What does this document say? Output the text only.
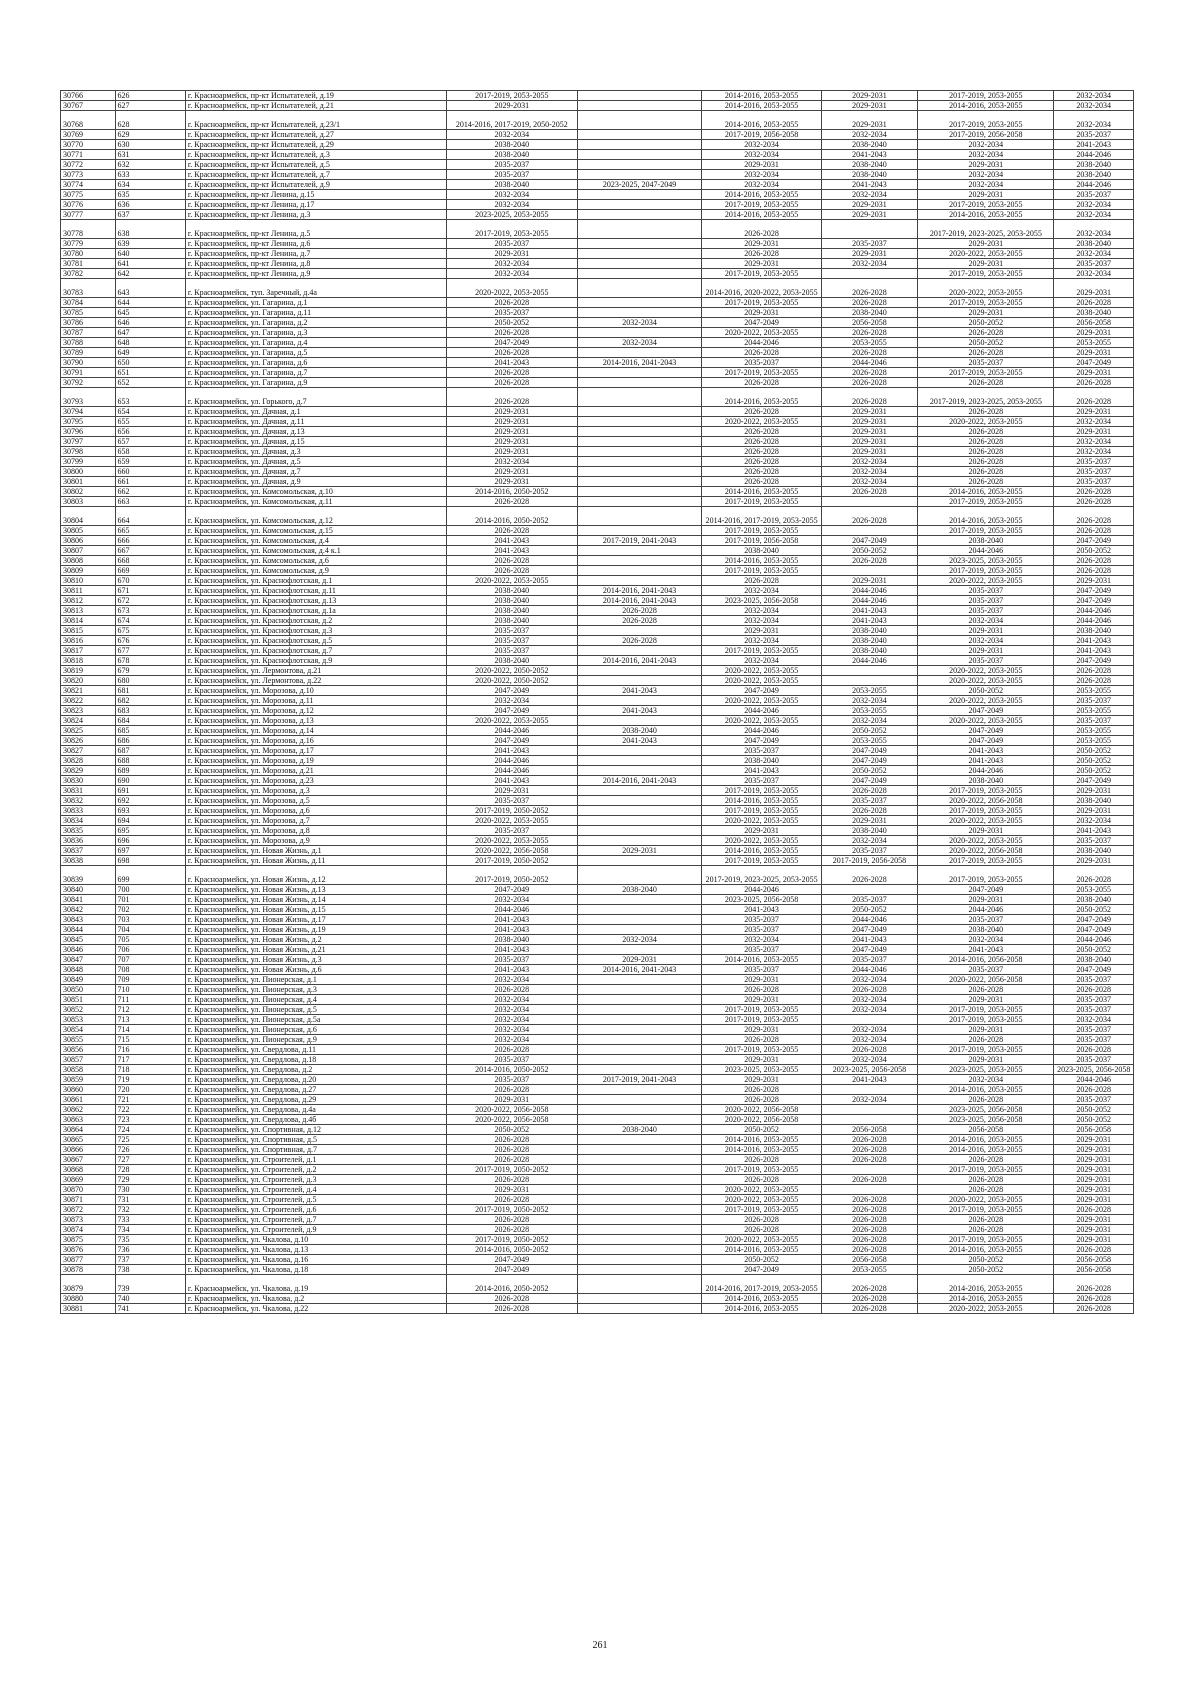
30766	626	г. Красноармейск, пр-кт Испытателей, д.19	2017-2019, 2053-2055		2014-2016, 2053-2055	2029-2031	2017-2019, 2053-2055	2032-2034
30767	627	г. Красноармейск, пр-кт Испытателей, д.21	2029-2031		2014-2016, 2053-2055	2029-2031	2014-2016, 2053-2055	2032-2034
30768	628	г. Красноармейск, пр-кт Испытателей, д.23/1	2014-2016, 2017-2019, 2050-2052		2014-2016, 2053-2055	2029-2031	2017-2019, 2053-2055	2032-2034
30769	629	г. Красноармейск, пр-кт Испытателей, д.27	2032-2034		2017-2019, 2056-2058	2032-2034	2017-2019, 2056-2058	2035-2037
30770	630	г. Красноармейск, пр-кт Испытателей, д.29	2038-2040		2032-2034	2038-2040	2032-2034	2041-2043
30771	631	г. Красноармейск, пр-кт Испытателей, д.3	2038-2040		2032-2034	2041-2043	2032-2034	2044-2046
30772	632	г. Красноармейск, пр-кт Испытателей, д.5	2035-2037		2029-2031	2038-2040	2029-2031	2038-2040
30773	633	г. Красноармейск, пр-кт Испытателей, д.7	2035-2037		2032-2034	2038-2040	2032-2034	2038-2040
30774	634	г. Красноармейск, пр-кт Испытателей, д.9	2038-2040	2023-2025, 2047-2049	2032-2034	2041-2043	2032-2034	2044-2046
30775	635	г. Красноармейск, пр-кт Ленина, д.15	2032-2034		2014-2016, 2053-2055	2032-2034	2029-2031	2035-2037
30776	636	г. Красноармейск, пр-кт Ленина, д.17	2032-2034		2017-2019, 2053-2055	2029-2031	2017-2019, 2053-2055	2032-2034
30777	637	г. Красноармейск, пр-кт Ленина, д.3	2023-2025, 2053-2055		2014-2016, 2053-2055	2029-2031	2014-2016, 2053-2055	2032-2034
30778	638	г. Красноармейск, пр-кт Ленина, д.5	2017-2019, 2053-2055		2026-2028		2017-2019, 2023-2025, 2053-2055	2032-2034
30779	639	г. Красноармейск, пр-кт Ленина, д.6	2035-2037		2029-2031	2035-2037	2029-2031	2038-2040
30780	640	г. Красноармейск, пр-кт Ленина, д.7	2029-2031		2026-2028	2029-2031	2020-2022, 2053-2055	2032-2034
30781	641	г. Красноармейск, пр-кт Ленина, д.8	2032-2034		2029-2031	2032-2034	2029-2031	2035-2037
30782	642	г. Красноармейск, пр-кт Ленина, д.9	2032-2034		2017-2019, 2053-2055		2017-2019, 2053-2055	2032-2034
30783	643	г. Красноармейск, туп. Заречный, д.4а	2020-2022, 2053-2055		2014-2016, 2020-2022, 2053-2055	2026-2028	2020-2022, 2053-2055	2029-2031
30784	644	г. Красноармейск, ул. Гагарина, д.1	2026-2028		2017-2019, 2053-2055	2026-2028	2017-2019, 2053-2055	2026-2028
30785	645	г. Красноармейск, ул. Гагарина, д.11	2035-2037		2029-2031	2038-2040	2029-2031	2038-2040
30786	646	г. Красноармейск, ул. Гагарина, д.2	2050-2052	2032-2034	2047-2049	2056-2058	2050-2052	2056-2058
30787	647	г. Красноармейск, ул. Гагарина, д.3	2026-2028		2020-2022, 2053-2055	2026-2028	2026-2028	2029-2031
30788	648	г. Красноармейск, ул. Гагарина, д.4	2047-2049	2032-2034	2044-2046	2053-2055	2050-2052	2053-2055
30789	649	г. Красноармейск, ул. Гагарина, д.5	2026-2028		2026-2028	2026-2028	2026-2028	2029-2031
30790	650	г. Красноармейск, ул. Гагарина, д.6	2041-2043	2014-2016, 2041-2043	2035-2037	2044-2046	2035-2037	2047-2049
30791	651	г. Красноармейск, ул. Гагарина, д.7	2026-2028		2017-2019, 2053-2055	2026-2028	2017-2019, 2053-2055	2029-2031
30792	652	г. Красноармейск, ул. Гагарина, д.9	2026-2028		2026-2028	2026-2028	2026-2028	2026-2028
30793	653	г. Красноармейск, ул. Горького, д.7	2026-2028		2014-2016, 2053-2055	2026-2028	2017-2019, 2023-2025, 2053-2055	2026-2028
30794	654	г. Красноармейск, ул. Дачная, д.1	2029-2031		2026-2028	2029-2031	2026-2028	2029-2031
30795	655	г. Красноармейск, ул. Дачная, д.11	2029-2031		2020-2022, 2053-2055	2029-2031	2020-2022, 2053-2055	2032-2034
30796	656	г. Красноармейск, ул. Дачная, д.13	2029-2031		2026-2028	2029-2031	2026-2028	2029-2031
30797	657	г. Красноармейск, ул. Дачная, д.15	2029-2031		2026-2028	2029-2031	2026-2028	2032-2034
30798	658	г. Красноармейск, ул. Дачная, д.3	2029-2031		2026-2028	2029-2031	2026-2028	2032-2034
30799	659	г. Красноармейск, ул. Дачная, д.5	2032-2034		2026-2028	2032-2034	2026-2028	2035-2037
30800	660	г. Красноармейск, ул. Дачная, д.7	2029-2031		2026-2028	2032-2034	2026-2028	2035-2037
30801	661	г. Красноармейск, ул. Дачная, д.9	2029-2031		2026-2028	2032-2034	2026-2028	2035-2037
30802	662	г. Красноармейск, ул. Комсомольская, д.10	2014-2016, 2050-2052		2014-2016, 2053-2055	2026-2028	2014-2016, 2053-2055	2026-2028
30803	663	г. Красноармейск, ул. Комсомольская, д.11	2026-2028		2017-2019, 2053-2055		2017-2019, 2053-2055	2026-2028
30804	664	г. Красноармейск, ул. Комсомольская, д.12	2014-2016, 2050-2052		2014-2016, 2017-2019, 2053-2055	2026-2028	2014-2016, 2053-2055	2026-2028
30805	665	г. Красноармейск, ул. Комсомольская, д.15	2026-2028		2017-2019, 2053-2055		2017-2019, 2053-2055	2026-2028
30806	666	г. Красноармейск, ул. Комсомольская, д.4	2041-2043	2017-2019, 2041-2043	2017-2019, 2056-2058	2047-2049	2038-2040	2047-2049
30807	667	г. Красноармейск, ул. Комсомольская, д.4 к.1	2041-2043		2038-2040	2050-2052	2044-2046	2050-2052
30808	668	г. Красноармейск, ул. Комсомольская, д.6	2026-2028		2014-2016, 2053-2055	2026-2028	2023-2025, 2053-2055	2026-2028
30809	669	г. Красноармейск, ул. Комсомольская, д.9	2026-2028		2017-2019, 2053-2055		2017-2019, 2053-2055	2026-2028
30810	670	г. Красноармейск, ул. Краснофлотская, д.1	2020-2022, 2053-2055		2026-2028	2029-2031	2020-2022, 2053-2055	2029-2031
30811	671	г. Красноармейск, ул. Краснофлотская, д.11	2038-2040	2014-2016, 2041-2043	2032-2034	2044-2046	2035-2037	2047-2049
30812	672	г. Красноармейск, ул. Краснофлотская, д.13	2038-2040	2014-2016, 2041-2043	2023-2025, 2056-2058	2044-2046	2035-2037	2047-2049
30813	673	г. Красноармейск, ул. Краснофлотская, д.1а	2038-2040	2026-2028	2032-2034	2041-2043	2035-2037	2044-2046
30814	674	г. Красноармейск, ул. Краснофлотская, д.2	2038-2040	2026-2028	2032-2034	2041-2043	2032-2034	2044-2046
30815	675	г. Красноармейск, ул. Краснофлотская, д.3	2035-2037		2029-2031	2038-2040	2029-2031	2038-2040
30816	676	г. Красноармейск, ул. Краснофлотская, д.5	2035-2037	2026-2028	2032-2034	2038-2040	2032-2034	2041-2043
30817	677	г. Красноармейск, ул. Краснофлотская, д.7	2035-2037		2017-2019, 2053-2055	2038-2040	2029-2031	2041-2043
30818	678	г. Красноармейск, ул. Краснофлотская, д.9	2038-2040	2014-2016, 2041-2043	2032-2034	2044-2046	2035-2037	2047-2049
30819	679	г. Красноармейск, ул. Лермонтова, д.21	2020-2022, 2050-2052		2020-2022, 2053-2055		2020-2022, 2053-2055	2026-2028
30820	680	г. Красноармейск, ул. Лермонтова, д.22	2020-2022, 2050-2052		2020-2022, 2053-2055		2020-2022, 2053-2055	2026-2028
30821	681	г. Красноармейск, ул. Морозова, д.10	2047-2049	2041-2043	2047-2049	2053-2055	2050-2052	2053-2055
30822	682	г. Красноармейск, ул. Морозова, д.11	2032-2034		2020-2022, 2053-2055	2032-2034	2020-2022, 2053-2055	2035-2037
30823	683	г. Красноармейск, ул. Морозова, д.12	2047-2049	2041-2043	2044-2046	2053-2055	2047-2049	2053-2055
30824	684	г. Красноармейск, ул. Морозова, д.13	2020-2022, 2053-2055		2020-2022, 2053-2055	2032-2034	2020-2022, 2053-2055	2035-2037
30825	685	г. Красноармейск, ул. Морозова, д.14	2044-2046	2038-2040	2044-2046	2050-2052	2047-2049	2053-2055
30826	686	г. Красноармейск, ул. Морозова, д.16	2047-2049	2041-2043	2047-2049	2053-2055	2047-2049	2053-2055
30827	687	г. Красноармейск, ул. Морозова, д.17	2041-2043		2035-2037	2047-2049	2041-2043	2050-2052
30828	688	г. Красноармейск, ул. Морозова, д.19	2044-2046		2038-2040	2047-2049	2041-2043	2050-2052
30829	689	г. Красноармейск, ул. Морозова, д.21	2044-2046		2041-2043	2050-2052	2044-2046	2050-2052
30830	690	г. Красноармейск, ул. Морозова, д.23	2041-2043	2014-2016, 2041-2043	2035-2037	2047-2049	2038-2040	2047-2049
30831	691	г. Красноармейск, ул. Морозова, д.3	2029-2031		2017-2019, 2053-2055	2026-2028	2017-2019, 2053-2055	2029-2031
30832	692	г. Красноармейск, ул. Морозова, д.5	2035-2037		2014-2016, 2053-2055	2035-2037	2020-2022, 2056-2058	2038-2040
30833	693	г. Красноармейск, ул. Морозова, д.6	2017-2019, 2050-2052		2017-2019, 2053-2055	2026-2028	2017-2019, 2053-2055	2029-2031
30834	694	г. Красноармейск, ул. Морозова, д.7	2020-2022, 2053-2055		2020-2022, 2053-2055	2029-2031	2020-2022, 2053-2055	2032-2034
30835	695	г. Красноармейск, ул. Морозова, д.8	2035-2037		2029-2031	2038-2040	2029-2031	2041-2043
30836	696	г. Красноармейск, ул. Морозова, д.9	2020-2022, 2053-2055		2020-2022, 2053-2055	2032-2034	2020-2022, 2053-2055	2035-2037
30837	697	г. Красноармейск, ул. Новая Жизнь, д.1	2020-2022, 2056-2058	2029-2031	2014-2016, 2053-2055	2035-2037	2020-2022, 2056-2058	2038-2040
30838	698	г. Красноармейск, ул. Новая Жизнь, д.11	2017-2019, 2050-2052		2017-2019, 2053-2055	2017-2019, 2056-2058	2017-2019, 2053-2055	2029-2031
30839	699	г. Красноармейск, ул. Новая Жизнь, д.12	2017-2019, 2050-2052		2017-2019, 2023-2025, 2053-2055	2026-2028	2017-2019, 2053-2055	2026-2028
30840	700	г. Красноармейск, ул. Новая Жизнь, д.13	2047-2049	2038-2040	2044-2046		2047-2049	2053-2055
30841	701	г. Красноармейск, ул. Новая Жизнь, д.14	2032-2034		2023-2025, 2056-2058	2035-2037	2029-2031	2038-2040
30842	702	г. Красноармейск, ул. Новая Жизнь, д.15	2044-2046		2041-2043	2050-2052	2044-2046	2050-2052
30843	703	г. Красноармейск, ул. Новая Жизнь, д.17	2041-2043		2035-2037	2044-2046	2035-2037	2047-2049
30844	704	г. Красноармейск, ул. Новая Жизнь, д.19	2041-2043		2035-2037	2047-2049	2038-2040	2047-2049
30845	705	г. Красноармейск, ул. Новая Жизнь, д.2	2038-2040	2032-2034	2032-2034	2041-2043	2032-2034	2044-2046
30846	706	г. Красноармейск, ул. Новая Жизнь, д.21	2041-2043		2035-2037	2047-2049	2041-2043	2050-2052
30847	707	г. Красноармейск, ул. Новая Жизнь, д.3	2035-2037	2029-2031	2014-2016, 2053-2055	2035-2037	2014-2016, 2056-2058	2038-2040
30848	708	г. Красноармейск, ул. Новая Жизнь, д.6	2041-2043	2014-2016, 2041-2043	2035-2037	2044-2046	2035-2037	2047-2049
30849	709	г. Красноармейск, ул. Пионерская, д.1	2032-2034		2029-2031	2032-2034	2020-2022, 2056-2058	2035-2037
30850	710	г. Красноармейск, ул. Пионерская, д.3	2026-2028		2026-2028	2026-2028	2026-2028	2026-2028
30851	711	г. Красноармейск, ул. Пионерская, д.4	2032-2034		2029-2031	2032-2034	2029-2031	2035-2037
30852	712	г. Красноармейск, ул. Пионерская, д.5	2032-2034		2017-2019, 2053-2055	2032-2034	2017-2019, 2053-2055	2035-2037
30853	713	г. Красноармейск, ул. Пионерская, д.5а	2032-2034		2017-2019, 2053-2055		2017-2019, 2053-2055	2032-2034
30854	714	г. Красноармейск, ул. Пионерская, д.6	2032-2034		2029-2031	2032-2034	2029-2031	2035-2037
30855	715	г. Красноармейск, ул. Пионерская, д.9	2032-2034		2026-2028	2032-2034	2026-2028	2035-2037
30856	716	г. Красноармейск, ул. Свердлова, д.11	2026-2028		2017-2019, 2053-2055	2026-2028	2017-2019, 2053-2055	2026-2028
30857	717	г. Красноармейск, ул. Свердлова, д.18	2035-2037		2029-2031	2032-2034	2029-2031	2035-2037
30858	718	г. Красноармейск, ул. Свердлова, д.2	2014-2016, 2050-2052		2023-2025, 2053-2055	2023-2025, 2056-2058	2023-2025, 2053-2055	2023-2025, 2056-2058
30859	719	г. Красноармейск, ул. Свердлова, д.20	2035-2037	2017-2019, 2041-2043	2029-2031	2041-2043	2032-2034	2044-2046
30860	720	г. Красноармейск, ул. Свердлова, д.27	2026-2028		2026-2028		2014-2016, 2053-2055	2026-2028
30861	721	г. Красноармейск, ул. Свердлова, д.29	2029-2031		2026-2028	2032-2034	2026-2028	2035-2037
30862	722	г. Красноармейск, ул. Свердлова, д.4а	2020-2022, 2056-2058		2020-2022, 2056-2058		2023-2025, 2056-2058	2050-2052
30863	723	г. Красноармейск, ул. Свердлова, д.4б	2020-2022, 2056-2058		2020-2022, 2056-2058		2023-2025, 2056-2058	2050-2052
30864	724	г. Красноармейск, ул. Спортивная, д.12	2050-2052	2038-2040	2050-2052	2056-2058	2056-2058	2056-2058
30865	725	г. Красноармейск, ул. Спортивная, д.5	2026-2028		2014-2016, 2053-2055	2026-2028	2014-2016, 2053-2055	2029-2031
30866	726	г. Красноармейск, ул. Спортивная, д.7	2026-2028		2014-2016, 2053-2055	2026-2028	2014-2016, 2053-2055	2029-2031
30867	727	г. Красноармейск, ул. Строителей, д.1	2026-2028		2026-2028	2026-2028	2026-2028	2029-2031
30868	728	г. Красноармейск, ул. Строителей, д.2	2017-2019, 2050-2052		2017-2019, 2053-2055		2017-2019, 2053-2055	2029-2031
30869	729	г. Красноармейск, ул. Строителей, д.3	2026-2028		2026-2028	2026-2028	2026-2028	2029-2031
30870	730	г. Красноармейск, ул. Строителей, д.4	2029-2031		2020-2022, 2053-2055		2026-2028	2029-2031
30871	731	г. Красноармейск, ул. Строителей, д.5	2026-2028		2020-2022, 2053-2055	2026-2028	2020-2022, 2053-2055	2029-2031
30872	732	г. Красноармейск, ул. Строителей, д.6	2017-2019, 2050-2052		2017-2019, 2053-2055	2026-2028	2017-2019, 2053-2055	2026-2028
30873	733	г. Красноармейск, ул. Строителей, д.7	2026-2028		2026-2028	2026-2028	2026-2028	2029-2031
30874	734	г. Красноармейск, ул. Строителей, д.9	2026-2028		2026-2028	2026-2028	2026-2028	2029-2031
30875	735	г. Красноармейск, ул. Чкалова, д.10	2017-2019, 2050-2052		2020-2022, 2053-2055	2026-2028	2017-2019, 2053-2055	2029-2031
30876	736	г. Красноармейск, ул. Чкалова, д.13	2014-2016, 2050-2052		2014-2016, 2053-2055	2026-2028	2014-2016, 2053-2055	2026-2028
30877	737	г. Красноармейск, ул. Чкалова, д.16	2047-2049		2050-2052	2056-2058	2050-2052	2056-2058
30878	738	г. Красноармейск, ул. Чкалова, д.18	2047-2049		2047-2049	2053-2055	2050-2052	2056-2058
30879	739	г. Красноармейск, ул. Чкалова, д.19	2014-2016, 2050-2052		2014-2016, 2017-2019, 2053-2055	2026-2028	2014-2016, 2053-2055	2026-2028
30880	740	г. Красноармейск, ул. Чкалова, д.2	2026-2028		2014-2016, 2053-2055	2026-2028	2014-2016, 2053-2055	2026-2028
30881	741	г. Красноармейск, ул. Чкалова, д.22	2026-2028		2014-2016, 2053-2055	2026-2028	2020-2022, 2053-2055	2026-2028
261
